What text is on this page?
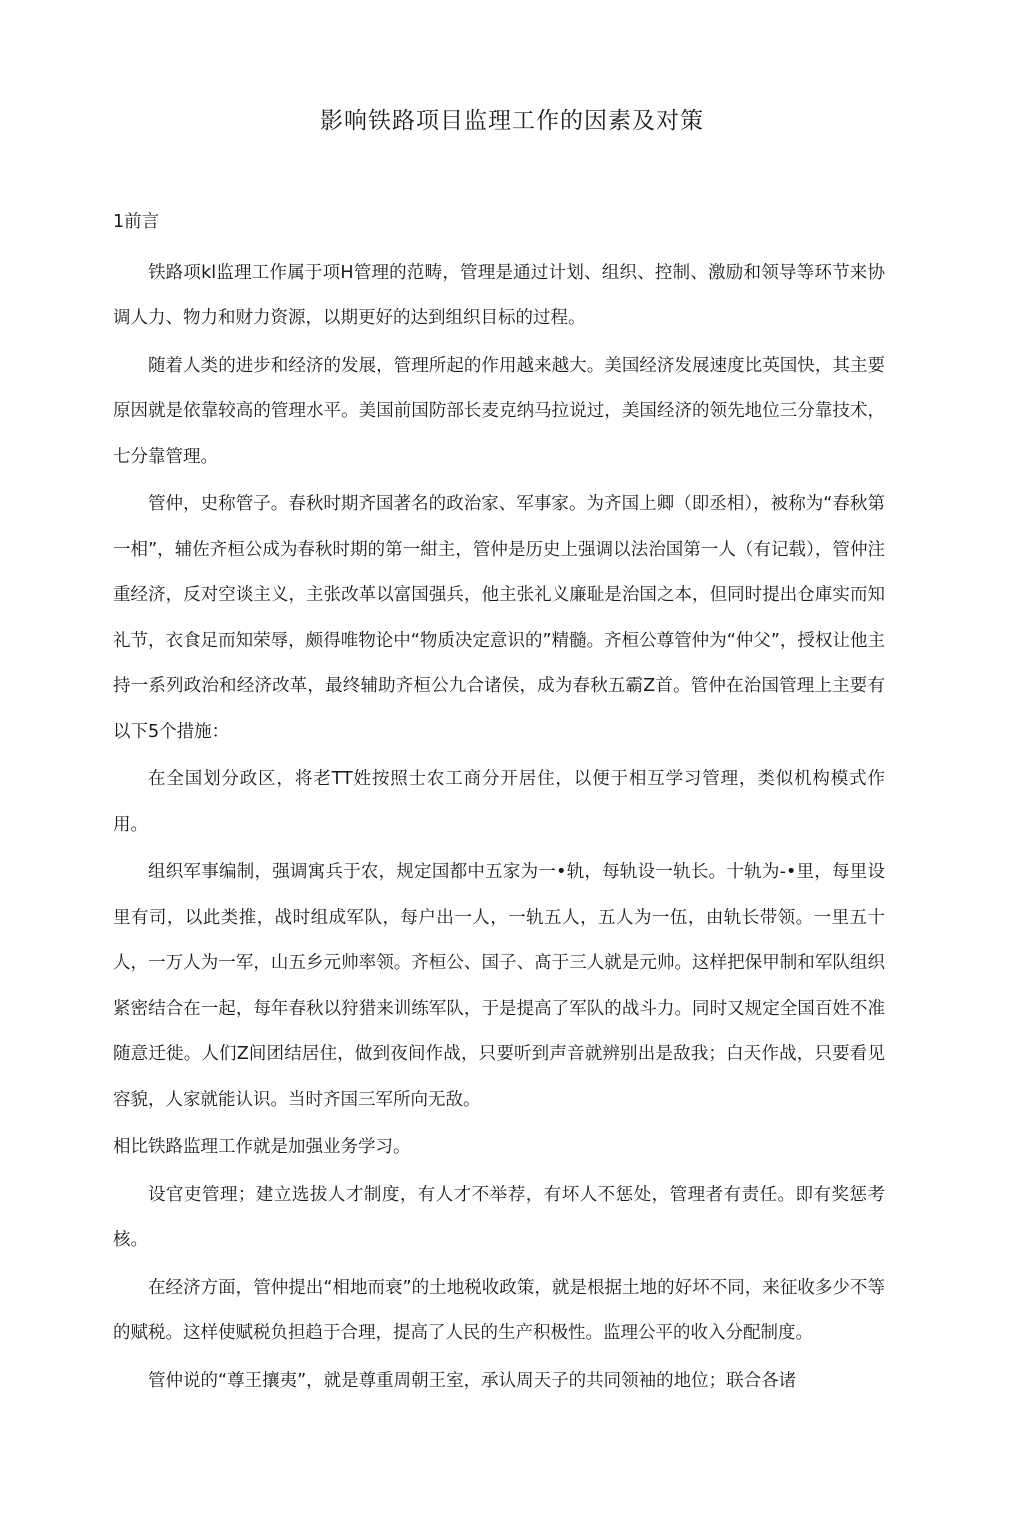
影响铁路项目监理工作的因素及对策
1前言

铁路项kl监理工作属于项H管理的范畴，管理是通过计划、组织、控制、激励和领导等环节来协调人力、物力和财力资源，以期更好的达到组织目标的过程。

随着人类的进步和经济的发展，管理所起的作用越来越大。美国经济发展速度比英国快，其主要原因就是依靠较高的管理水平。美国前国防部长麦克纳马拉说过，美国经济的领先地位三分靠技术，七分靠管理。

管仲，史称管子。春秋时期齐国著名的政治家、军事家。为齐国上卿（即丞相），被称为“春秋第一相”，辅佐齐桓公成为春秋时期的第一紺主，管仲是历史上强调以法治国第一人（有记载），管仲注重经济，反对空谈主义，主张改革以富国强兵，他主张礼义廉耻是治国之本，但同时提出仓庫实而知礼节，衣食足而知荣辱，颇得唯物论中“物质决定意识的”精髓。齐桓公尊管仲为“仲父”，授权让他主持一系列政治和经济改革，最终辅助齐桓公九合诸侯，成为春秋五霸Z首。管仲在治国管理上主要有以下5个措施：

在全国划分政区，将老TT姓按照士农工商分开居住，以便于相互学习管理，类似机构模式作用。

组织军事编制，强调寓兵于农，规定国都中五家为一•轨，每轨设一轨长。十轨为-•里，每里设里有司，以此类推，战时组成军队，每户出一人，一轨五人，五人为一伍，由轨长带领。一里五十人，一万人为一军，山五乡元帅率领。齐桓公、国子、髙于三人就是元帅。这样把保甲制和军队组织紧密结合在一起，每年春秋以狩猎来训练军队，于是提高了军队的战斗力。同时又规定全国百姓不准随意迁徙。人们Z间团结居住，做到夜间作战，只要听到声音就辨别出是敌我；白天作战，只要看见容貌，人家就能认识。当时齐国三军所向无敌。

相比铁路监理工作就是加强业务学习。

设官吏管理；建立选拔人才制度，有人才不举荐，有坏人不惩处，管理者有责任。即有奖惩考核。

在经济方面，管仲提出“相地而衰”的土地税收政策，就是根据土地的好坏不同，来征收多少不等的赋税。这样使赋税负担趋于合理，提高了人民的生产积极性。监理公平的收入分配制度。

管仲说的“尊王攘夷”，就是尊重周朝王室，承认周天子的共同领袖的地位；联合各诸
